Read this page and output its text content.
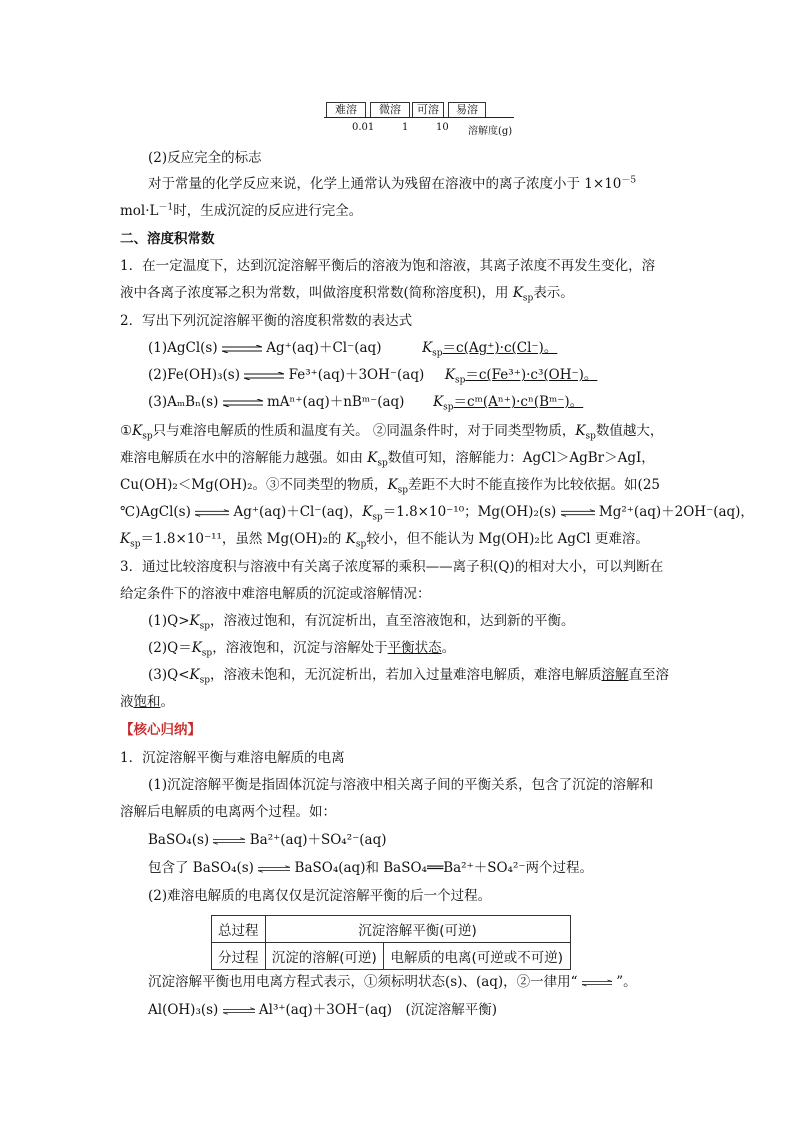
难溶	微溶	可溶	易溶
0.01	1	10 溶解度(g)
(2)反应完全的标志
对于常量的化学反应来说，化学上通常认为残留在溶液中的离子浓度小于 $1\times 10^{-5}$
$mol\cdot L^{-1}$时，生成沉淀的反应进行完全。
二、溶度积常数
1．在一定温度下，达到沉淀溶解平衡后的溶液为饱和溶液，其离子浓度不再发生变化，溶
液中各离子浓度幂之积为常数，叫做溶度积常数(简称溶度积)，用 $K_{sp}$表示。
2．写出下列沉淀溶解平衡的溶度积常数的表达式
(1)AgCl(s) ⇌ Ag⁺(aq)＋Cl⁻(aq)	$K_{sp}=c(Ag^+)\cdot c(Cl^-)$。
(2)Fe(OH)₃(s) ⇌ Fe³⁺(aq)＋3OH⁻(aq) $K_{sp}=c(Fe^{3+})\cdot c^3(OH^-)$。
(3)AₘBₙ(s) ⇌ mAⁿ⁺(aq)＋nBᵐ⁻(aq) $K_{sp}=cᵐ(A^{n+})\cdot c^n(Bᵐ^-)$。
$①K_{sp}$只与难溶电解质的性质和温度有关。 ②同温条件时，对于同类型物质，$K_{sp}$数值越大，
难溶电解质在水中的溶解能力越强。如由 $K_{sp}$数值可知，溶解能力：AgCl＞AgBr＞AgI，
Cu(OH)₂＜Mg(OH)₂。③不同类型的物质，$K_{sp}$差距不大时不能直接作为比较依据。如(25
℃)AgCl(s) ⇌ Ag⁺(aq)＋Cl⁻(aq)，$K_{sp}=1.8\times 10^{-10}$；Mg(OH)₂(s) ⇌ Mg²⁺(aq)＋2OH⁻(aq)，
$K_{sp}=1.8\times 10^{-11}$，虽然 Mg(OH)₂的 $K_{sp}$较小，但不能认为 Mg(OH)₂比 AgCl 更难溶。
3．通过比较溶度积与溶液中有关离子浓度幂的乘积——离子积(Q)的相对大小，可以判断在
给定条件下的溶液中难溶电解质的沉淀或溶解情况：
$(1)Q>K_{sp}$，溶液过饱和，有沉淀析出，直至溶液饱和，达到新的平衡。
$(2)Q=K_{sp}$，溶液饱和，沉淀与溶解处于平衡状态。
$(3)Q<K_{sp}$，溶液未饱和，无沉淀析出，若加入过量难溶电解质，难溶电解质溶解直至溶
液饱和。
【核心归纳】
1．沉淀溶解平衡与难溶电解质的电离
(1)沉淀溶解平衡是指固体沉淀与溶液中相关离子间的平衡关系，包含了沉淀的溶解和
溶解后电解质的电离两个过程。如：
BaSO₄(s) ⇌ Ba²⁺(aq)＋SO₄²⁻(aq)
包含了 BaSO₄(s) ⇌ BaSO₄(aq)和 BaSO₄══Ba²⁺＋SO₄²⁻两个过程。
(2)难溶电解质的电离仅仅是沉淀溶解平衡的后一个过程。
总过程	沉淀溶解平衡(可逆)	
分过程	沉淀的溶解(可逆)	电解质的电离(可逆或不可逆)
沉淀溶解平衡也用电离方程式表示，①须标明状态(s)、(aq)，②一律用“ ⇌ ”。
Al(OH)₃(s) ⇌ Al³⁺(aq)＋3OH⁻(aq)　(沉淀溶解平衡)
